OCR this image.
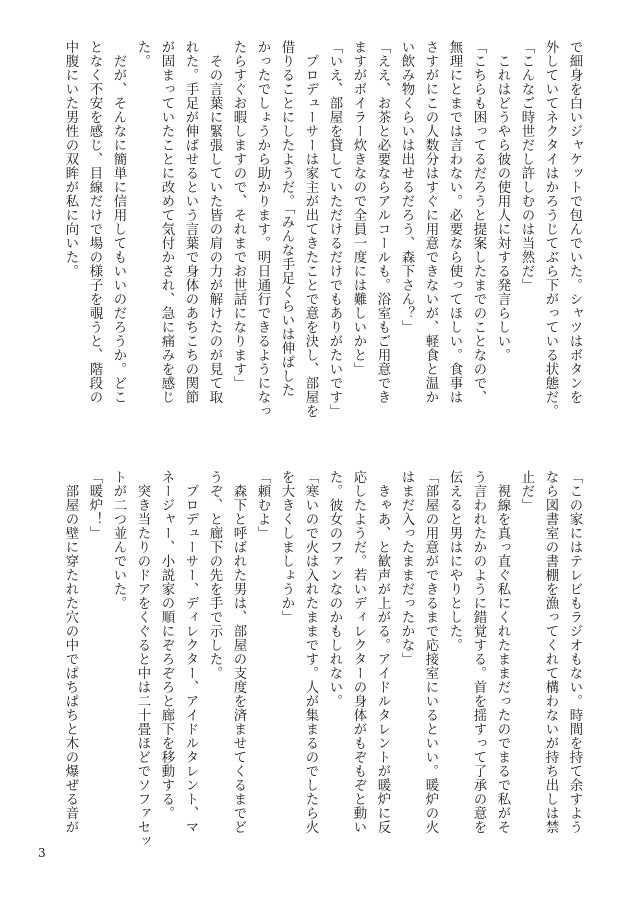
で細身を白いジャケットで包んでいた。シャツはボタンを
外していてネクタイはかろうじてぶら下がっている状態だ。
「こんなご時世だし許しむのは当然だ」
　これはどうやら彼の使用人に対する発言らしい。
「こちらも困ってるだろうと提案したまでのことなので、
無理にとまでは言わない。必要なら使ってほしい。食事は
さすがにこの人数分はすぐに用意できないが、軽食と温か
い飲み物くらいは出せるだろう、森下さん？」
「ええ、お茶と必要ならアルコールも。浴室もご用意でき
ますがボイラー炊きなので全員一度には難しいかと」
「いえ、部屋を貸していただけるだけでもありがたいです」
　プロデューサーは家主が出てきたことで意を決し、部屋を
借りることにしたようだ。「みんな手足くらいは伸ばした
かったでしょうから助かります。明日通行できるようになっ
たらすぐお暇しますので、それまでお世話になります」
　その言葉に緊張していた皆の肩の力が解けたのが見て取
れた。手足が伸ばせるという言葉で身体のあちこちの関節
が固まっていたことに改めて気付かされ、急に痛みを感じ
た。
　だが、そんなに簡単に信用してもいいのだろうか。どこ
となく不安を感じ、目線だけで場の様子を覗うと、階段の
中腹にいた男性の双眸が私に向いた。
「この家にはテレビもラジオもない。時間を持て余すよう
なら図書室の書棚を漁ってくれて構わないが持ち出しは禁
止だ」
　視線を真っ直ぐ私にくれたままだったのでまるで私がそ
う言われたかのように錯覚する。首を揺すって了承の意を
伝えると男はにやりとした。
「部屋の用意ができるまで応接室にいるといい。暖炉の火
はまだ入ったままだったかな」
　きゃあ、と歓声が上がる。アイドルタレントが暖炉に反
応したようだ。若いディレクターの身体がもぞもぞと動い
た。彼女のファンなのかもしれない。
「寒いので火は入れたままです。人が集まるのでしたら火
を大きくしましょうか」
「頼むよ」
　森下と呼ばれた男は、部屋の支度を済ませてくるまでど
うぞ、と廊下の先を手で示した。
　プロデューサー、ディレクター、アイドルタレント、マ
ネージャー、小説家の順にぞろぞろと廊下を移動する。
　突き当たりのドアをくぐると中は二十畳ほどでソファセッ
トが二つ並んでいた。
「暖炉！」
　部屋の壁に穿たれた穴の中でぱちぱちと木の爆ぜる音が
3
